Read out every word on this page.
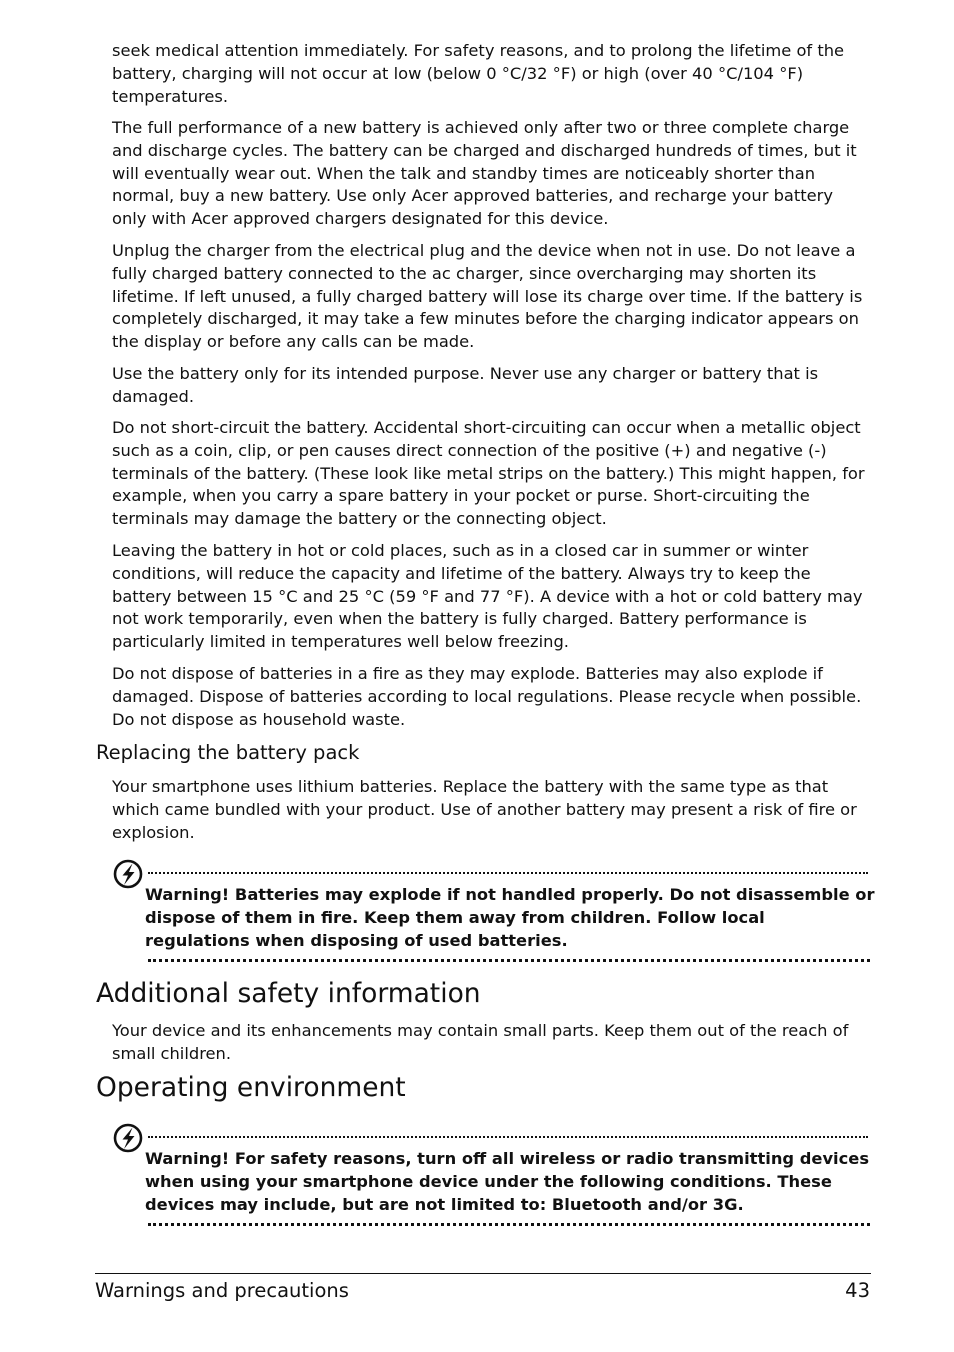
seek medical attention immediately. For safety reasons, and to prolong the lifetime of the battery, charging will not occur at low (below 0 °C/32 °F) or high (over 40 °C/104 °F) temperatures.

The full performance of a new battery is achieved only after two or three complete charge and discharge cycles. The battery can be charged and discharged hundreds of times, but it will eventually wear out. When the talk and standby times are noticeably shorter than normal, buy a new battery. Use only Acer approved batteries, and recharge your battery only with Acer approved chargers designated for this device.

Unplug the charger from the electrical plug and the device when not in use. Do not leave a fully charged battery connected to the ac charger, since overcharging may shorten its lifetime. If left unused, a fully charged battery will lose its charge over time. If the battery is completely discharged, it may take a few minutes before the charging indicator appears on the display or before any calls can be made.

Use the battery only for its intended purpose. Never use any charger or battery that is damaged.

Do not short-circuit the battery. Accidental short-circuiting can occur when a metallic object such as a coin, clip, or pen causes direct connection of the positive (+) and negative (-) terminals of the battery. (These look like metal strips on the battery.) This might happen, for example, when you carry a spare battery in your pocket or purse. Short-circuiting the terminals may damage the battery or the connecting object.

Leaving the battery in hot or cold places, such as in a closed car in summer or winter conditions, will reduce the capacity and lifetime of the battery. Always try to keep the battery between 15 °C and 25 °C (59 °F and 77 °F). A device with a hot or cold battery may not work temporarily, even when the battery is fully charged. Battery performance is particularly limited in temperatures well below freezing.

Do not dispose of batteries in a fire as they may explode. Batteries may also explode if damaged. Dispose of batteries according to local regulations. Please recycle when possible. Do not dispose as household waste.

Replacing the battery pack

Your smartphone uses lithium batteries. Replace the battery with the same type as that which came bundled with your product. Use of another battery may present a risk of fire or explosion.

Warning! Batteries may explode if not handled properly. Do not disassemble or dispose of them in fire. Keep them away from children. Follow local regulations when disposing of used batteries.

Additional safety information

Your device and its enhancements may contain small parts. Keep them out of the reach of small children.

Operating environment

Warning! For safety reasons, turn off all wireless or radio transmitting devices when using your smartphone device under the following conditions. These devices may include, but are not limited to: Bluetooth and/or 3G.

Warnings and precautions	43
